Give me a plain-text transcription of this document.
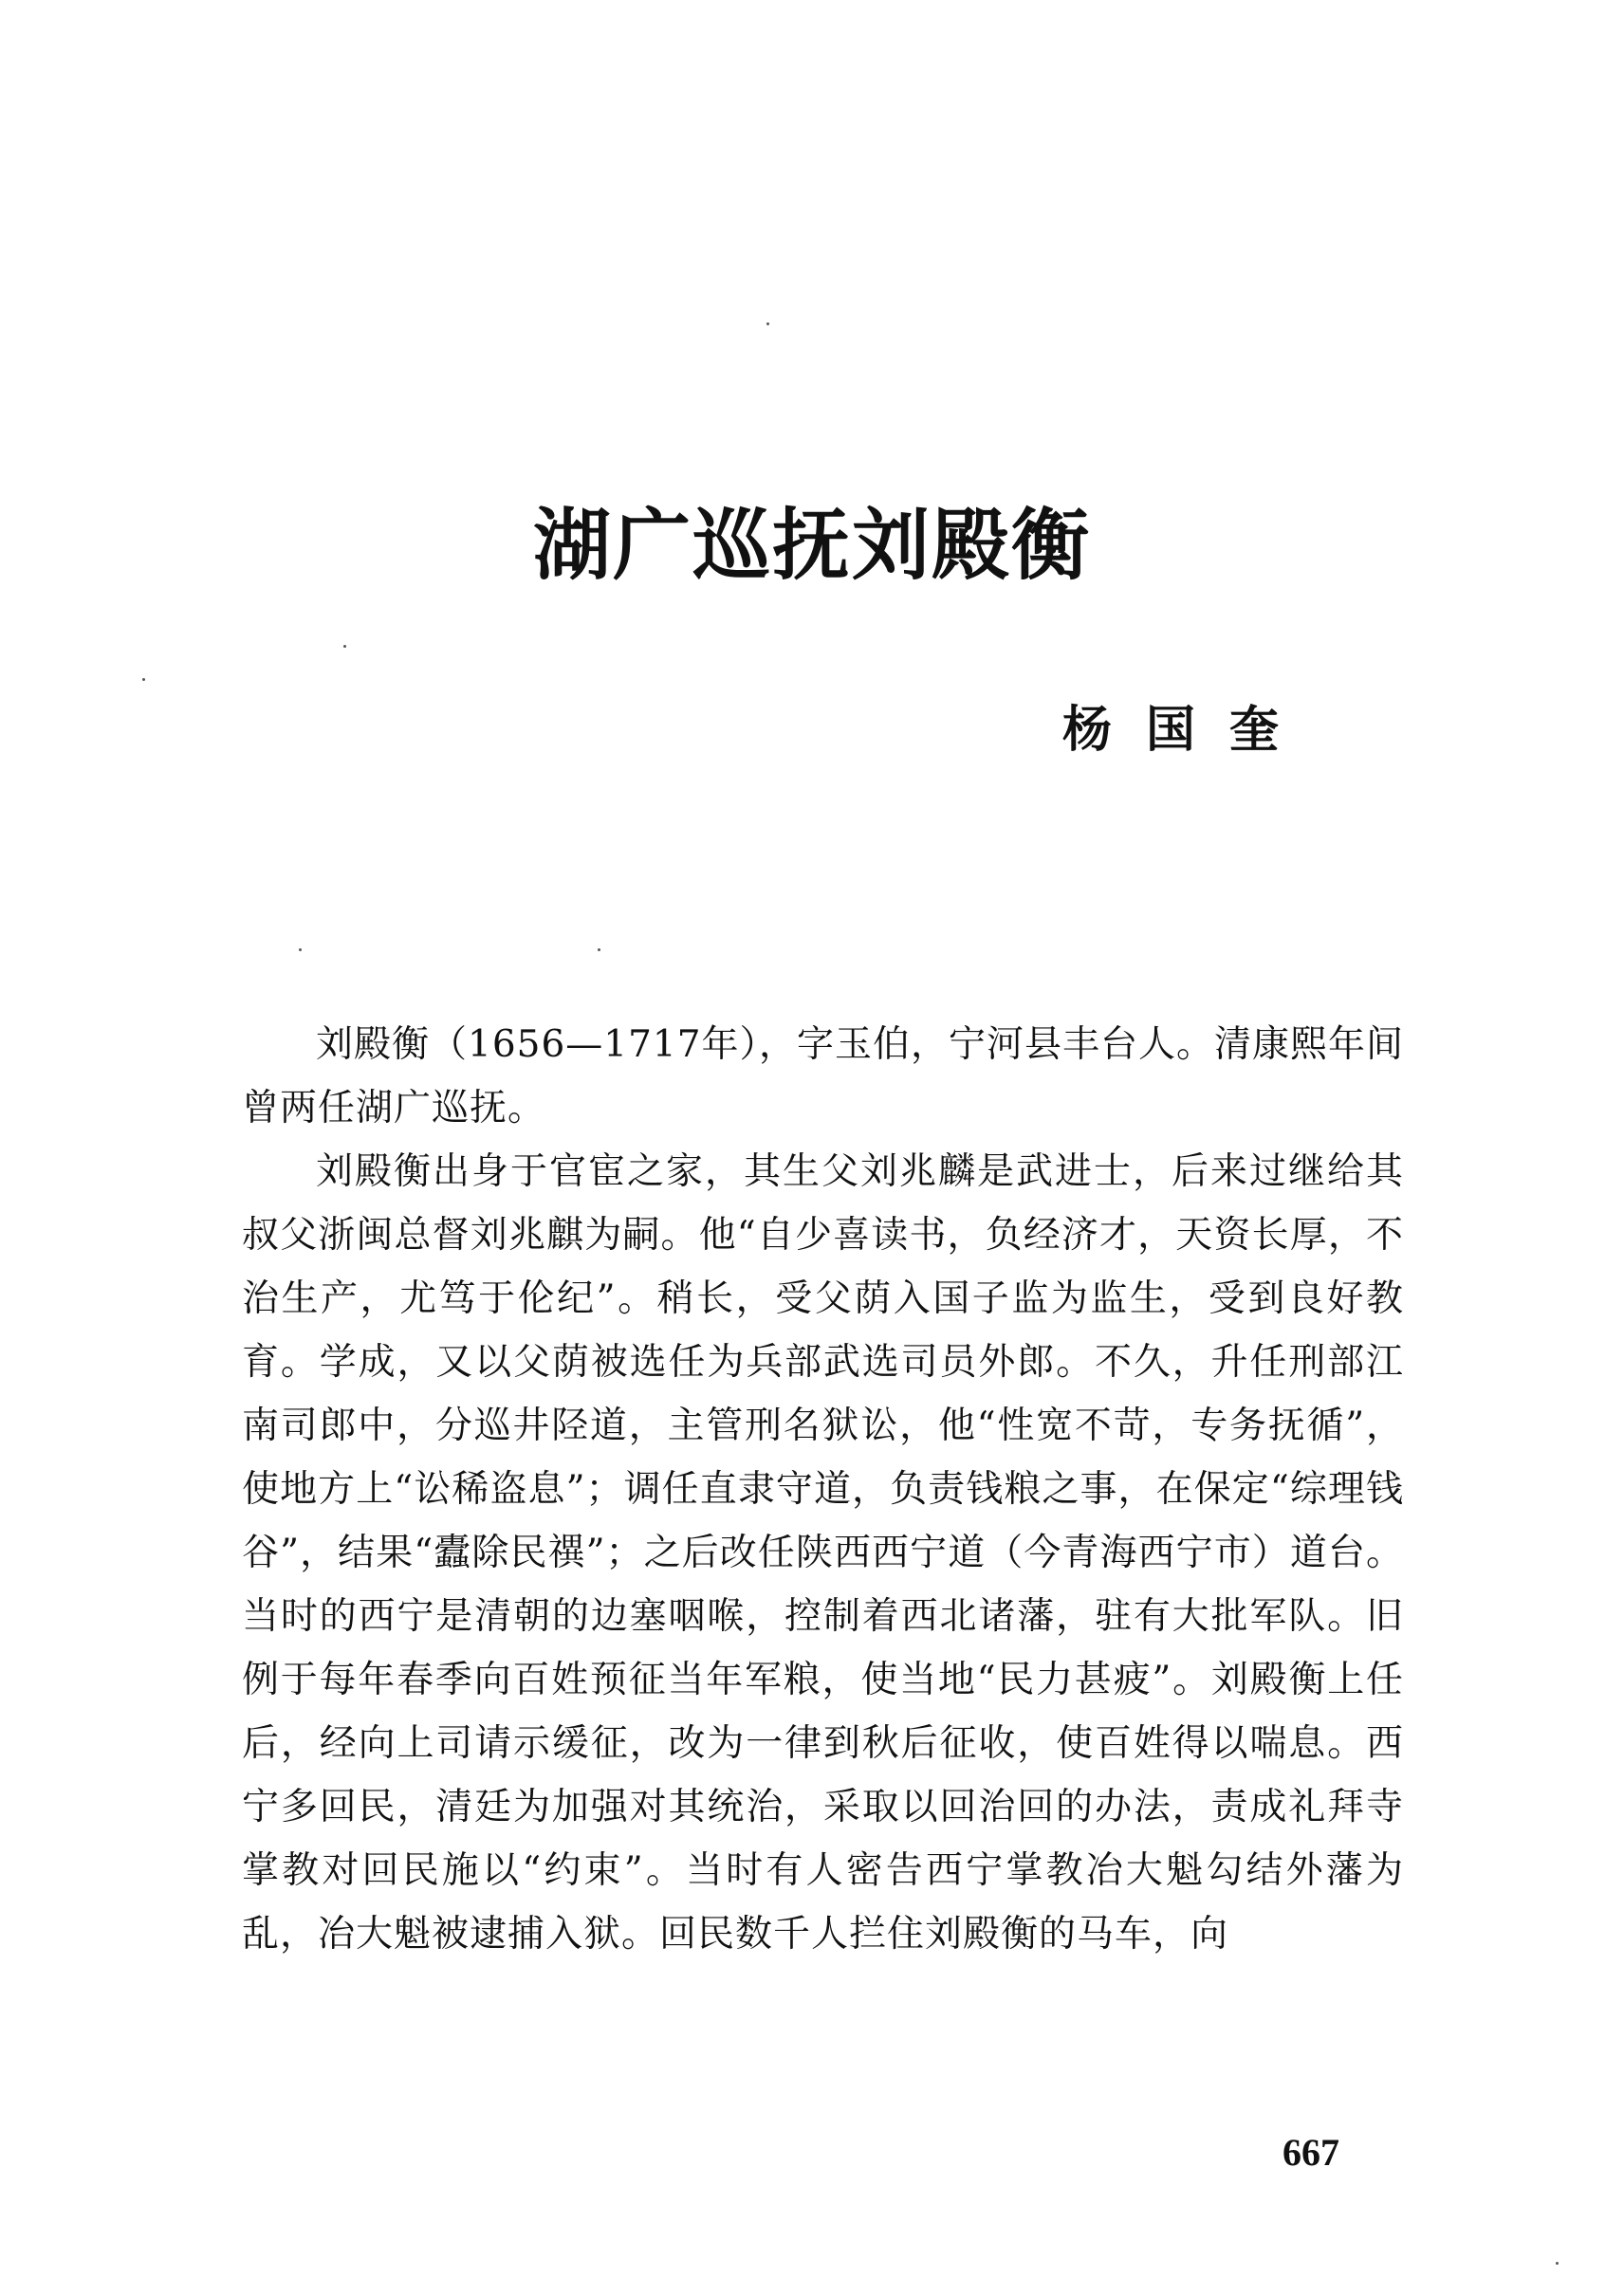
湖广巡抚刘殿衡
杨国奎

刘殿衡（1656—1717年），字玉伯，宁河县丰台人。清康熙年间曾两任湖广巡抚。

刘殿衡出身于官宦之家，其生父刘兆麟是武进士，后来过继给其叔父浙闽总督刘兆麒为嗣。他“自少喜读书，负经济才，天资长厚，不治生产，尤笃于伦纪”。稍长，受父荫入国子监为监生，受到良好教育。学成，又以父荫被选任为兵部武选司员外郎。不久，升任刑部江南司郎中，分巡井陉道，主管刑名狱讼，他“性宽不苛，专务抚循”，使地方上“讼稀盗息”；调任直隶守道，负责钱粮之事，在保定“综理钱谷”，结果“蠹除民禩”；之后改任陕西西宁道（今青海西宁市）道台。当时的西宁是清朝的边塞咽喉，控制着西北诸藩，驻有大批军队。旧例于每年春季向百姓预征当年军粮，使当地“民力甚疲”。刘殿衡上任后，经向上司请示缓征，改为一律到秋后征收，使百姓得以喘息。西宁多回民，清廷为加强对其统治，采取以回治回的办法，责成礼拜寺掌教对回民施以“约束”。当时有人密告西宁掌教冶大魁勾结外藩为乱，冶大魁被逮捕入狱。回民数千人拦住刘殿衡的马车，向

667
